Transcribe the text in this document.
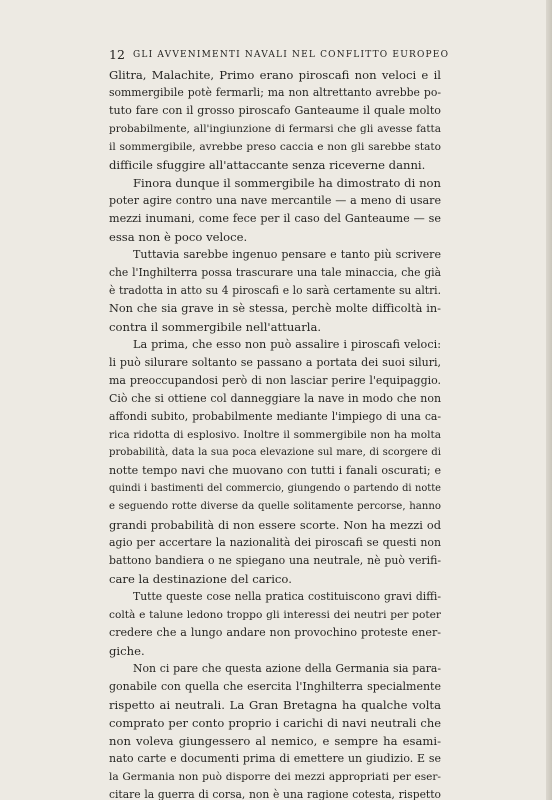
12 GLI AVVENIMENTI NAVALI NEL CONFLITTO EUROPEO
Glitra, Malachite, Primo erano piroscafi non veloci e il
sommergibile potè fermarli; ma non altrettanto avrebbe po-
tuto fare con il grosso piroscafo Ganteaume il quale molto
probabilmente, all'ingiunzione di fermarsi che gli avesse fatta
il sommergibile, avrebbe preso caccia e non gli sarebbe stato
difficile sfuggire all'attaccante senza riceverne danni.
Finora dunque il sommergibile ha dimostrato di non
poter agire contro una nave mercantile — a meno di usare
mezzi inumani, come fece per il caso del Ganteaume — se
essa non è poco veloce.
Tuttavia sarebbe ingenuo pensare e tanto più scrivere
che l'Inghilterra possa trascurare una tale minaccia, che già
è tradotta in atto su 4 piroscafi e lo sarà certamente su altri.
Non che sia grave in sè stessa, perchè molte difficoltà in-
contra il sommergibile nell'attuarla.
La prima, che esso non può assalire i piroscafi veloci:
li può silurare soltanto se passano a portata dei suoi siluri,
ma preoccupandosi però di non lasciar perire l'equipaggio.
Ciò che si ottiene col danneggiare la nave in modo che non
affondi subito, probabilmente mediante l'impiego di una ca-
rica ridotta di esplosivo. Inoltre il sommergibile non ha molta
probabilità, data la sua poca elevazione sul mare, di scorgere di
notte tempo navi che muovano con tutti i fanali oscurati; e
quindi i bastimenti del commercio, giungendo o partendo di notte
e seguendo rotte diverse da quelle solitamente percorse, hanno
grandi probabilità di non essere scorte. Non ha mezzi od
agio per accertare la nazionalità dei piroscafi se questi non
battono bandiera o ne spiegano una neutrale, nè può verifi-
care la destinazione del carico.
Tutte queste cose nella pratica costituiscono gravi diffi-
coltà e talune ledono troppo gli interessi dei neutri per poter
credere che a lungo andare non provochino proteste ener-
giche.
Non ci pare che questa azione della Germania sia para-
gonabile con quella che esercita l'Inghilterra specialmente
rispetto ai neutrali. La Gran Bretagna ha qualche volta
comprato per conto proprio i carichi di navi neutrali che
non voleva giungessero al nemico, e sempre ha esami-
nato carte e documenti prima di emettere un giudizio. E se
la Germania non può disporre dei mezzi appropriati per eser-
citare la guerra di corsa, non è una ragione cotesta, rispetto
